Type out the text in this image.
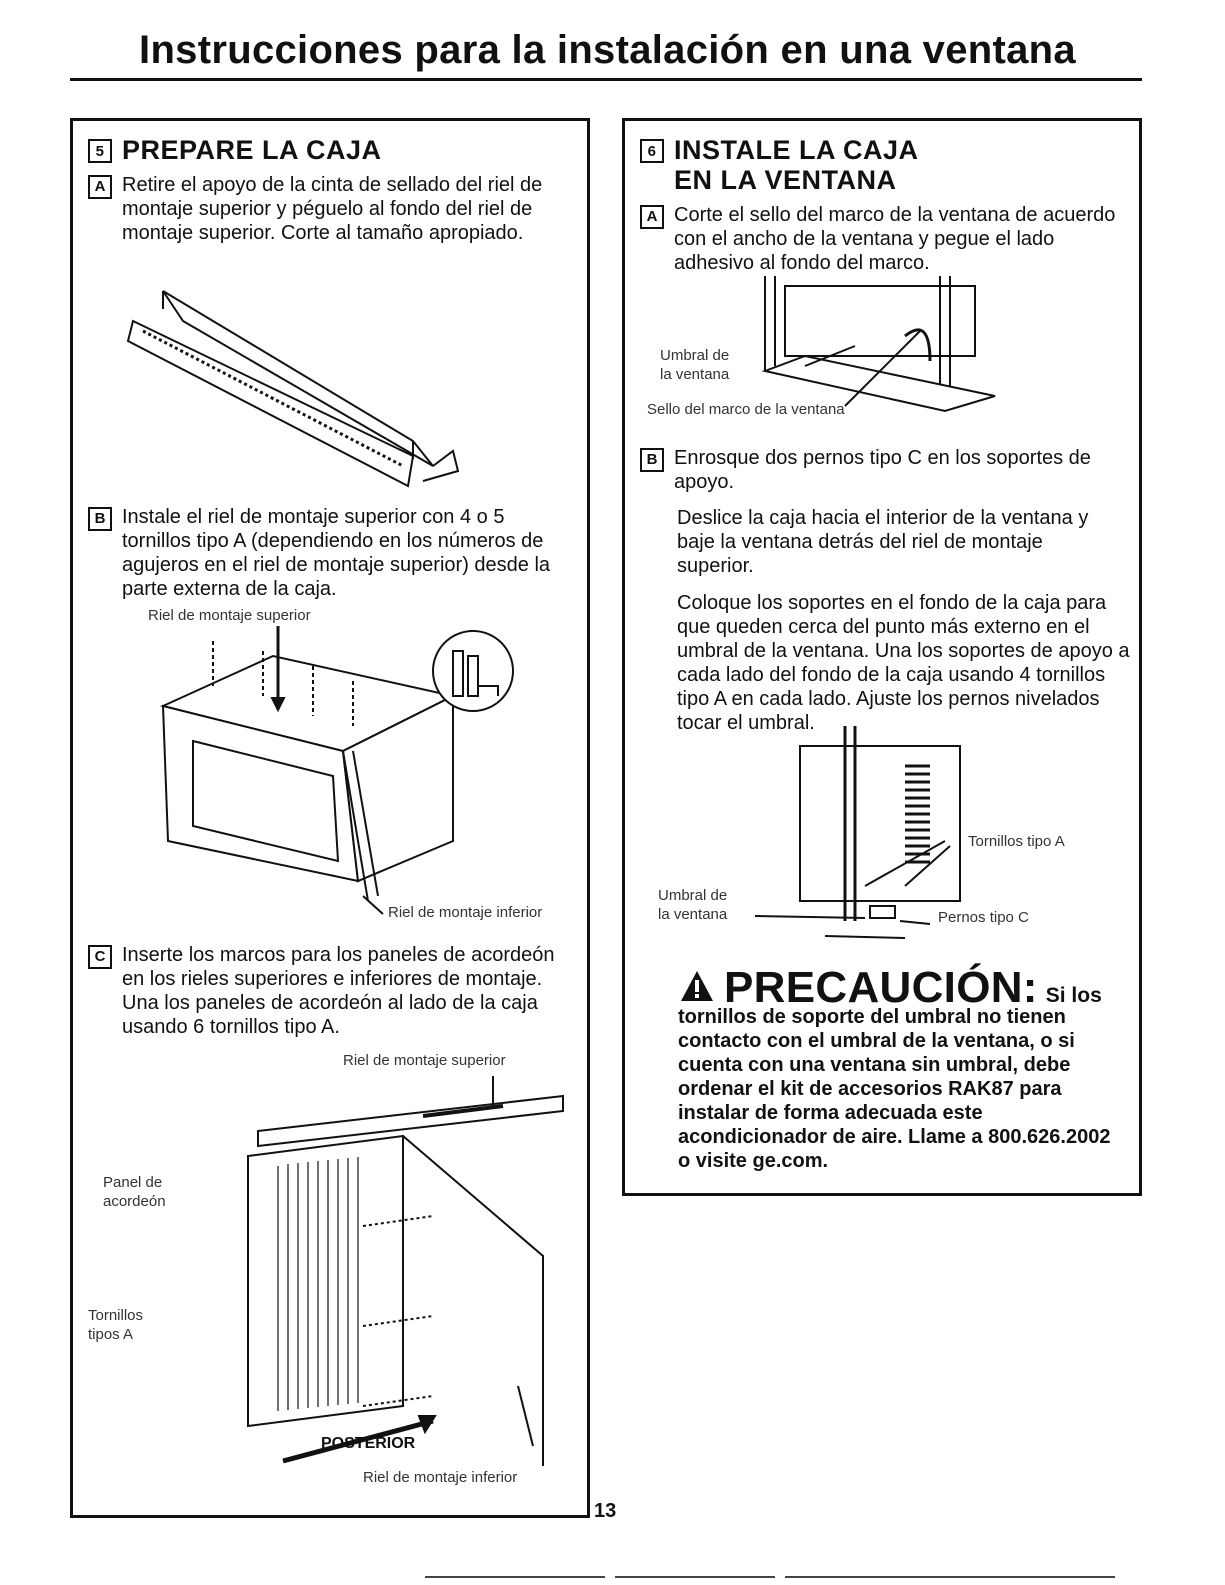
Instrucciones para la instalación en una ventana
5 PREPARE LA CAJA
A Retire el apoyo de la cinta de sellado del riel de montaje superior y péguelo al fondo del riel de montaje superior. Corte al tamaño apropiado.

B Instale el riel de montaje superior con 4 o 5 tornillos tipo A (dependiendo en los números de agujeros en el riel de montaje superior) desde la parte externa de la caja.

Riel de montaje superior
Riel de montaje inferior
C Inserte los marcos para los paneles de acordeón en los rieles superiores e inferiores de montaje. Una los paneles de acordeón al lado de la caja usando 6 tornillos tipo A.

Riel de montaje superior
Panel de
acordeón
Tornillos
tipos A
POSTERIOR
Riel de montaje inferior
6 INSTALE LA CAJA
EN LA VENTANA
A Corte el sello del marco de la ventana de acuerdo con el ancho de la ventana y pegue el lado adhesivo al fondo del marco.

Umbral de
la ventana
Sello del marco de la ventana
B Enrosque dos pernos tipo C en los soportes de apoyo.

Deslice la caja hacia el interior de la ventana y baje la ventana detrás del riel de montaje superior.
Coloque los soportes en el fondo de la caja para que queden cerca del punto más externo en el umbral de la ventana. Una los soportes de apoyo a cada lado del fondo de la caja usando 4 tornillos tipo A en cada lado. Ajuste los pernos nivelados tocar el umbral.
Tornillos tipo A
Umbral de
la ventana	Pernos tipo C
PRECAUCIÓN: Si los
tornillos de soporte del umbral no tienen contacto con el umbral de la ventana, o si cuenta con una ventana sin umbral, debe ordenar el kit de accesorios RAK87 para instalar de forma adecuada este acondicionador de aire. Llame a 800.626.2002 o visite ge.com.
13
